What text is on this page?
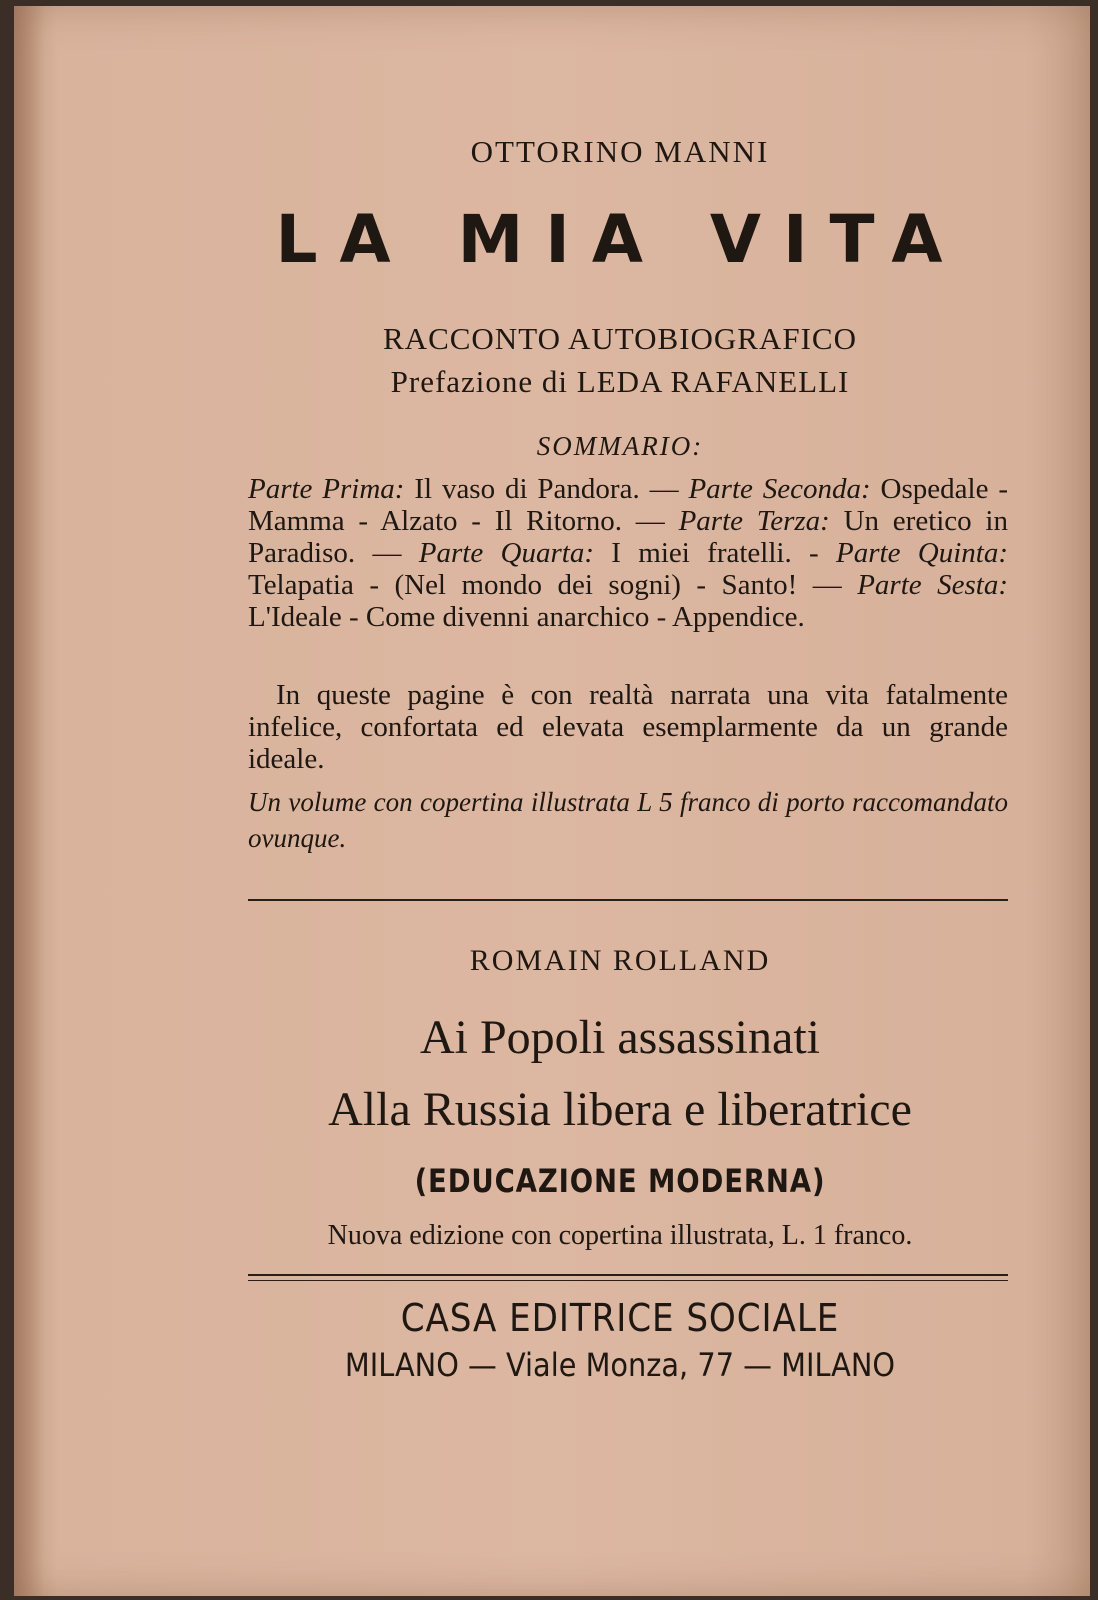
OTTORINO MANNI
LA MIA VITA
RACCONTO AUTOBIOGRAFICO
Prefazione di LEDA RAFANELLI
SOMMARIO:
Parte Prima: Il vaso di Pandora. — Parte Seconda: Ospedale - Mamma - Alzato - Il Ritorno. — Parte Terza: Un eretico in Paradiso. — Parte Quarta: I miei fratelli. - Parte Quinta: Telapatia - (Nel mondo dei sogni) - Santo! — Parte Sesta: L'Ideale - Come divenni anarchico - Appendice.
In queste pagine è con realtà narrata una vita fatalmente infelice, confortata ed elevata esemplarmente da un grande ideale.
Un volume con copertina illustrata L 5 franco di porto raccomandato ovunque.
ROMAIN ROLLAND
Ai Popoli assassinati
Alla Russia libera e liberatrice
(EDUCAZIONE MODERNA)
Nuova edizione con copertina illustrata, L. 1 franco.
CASA EDITRICE SOCIALE
MILANO — Viale Monza, 77 — MILANO
